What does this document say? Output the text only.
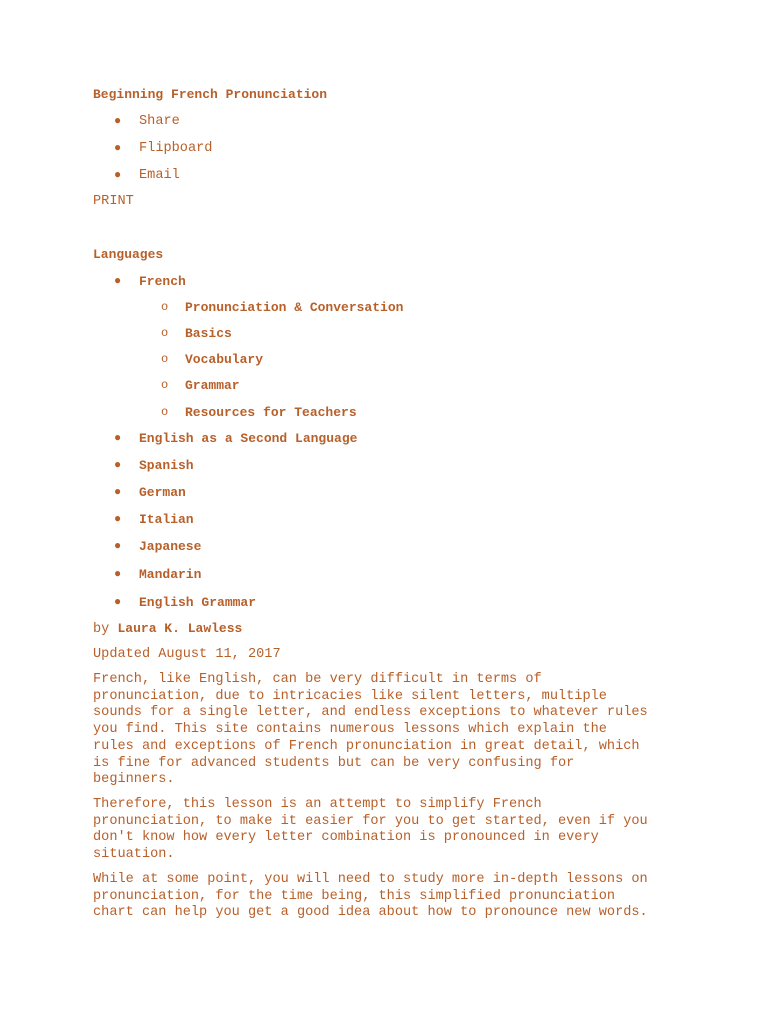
Beginning French Pronunciation
● Share
● Flipboard
● Email
PRINT
Languages
● French
o Pronunciation & Conversation
o Basics
o Vocabulary
o Grammar
o Resources for Teachers
● English as a Second Language
● Spanish
● German
● Italian
● Japanese
● Mandarin
● English Grammar
by Laura K. Lawless
Updated August 11, 2017

French, like English, can be very difficult in terms of
pronunciation, due to intricacies like silent letters, multiple
sounds for a single letter, and endless exceptions to whatever rules
you find. This site contains numerous lessons which explain the
rules and exceptions of French pronunciation in great detail, which
is fine for advanced students but can be very confusing for
beginners.

Therefore, this lesson is an attempt to simplify French
pronunciation, to make it easier for you to get started, even if you
don't know how every letter combination is pronounced in every
situation.

While at some point, you will need to study more in-depth lessons on
pronunciation, for the time being, this simplified pronunciation
chart can help you get a good idea about how to pronounce new words.
